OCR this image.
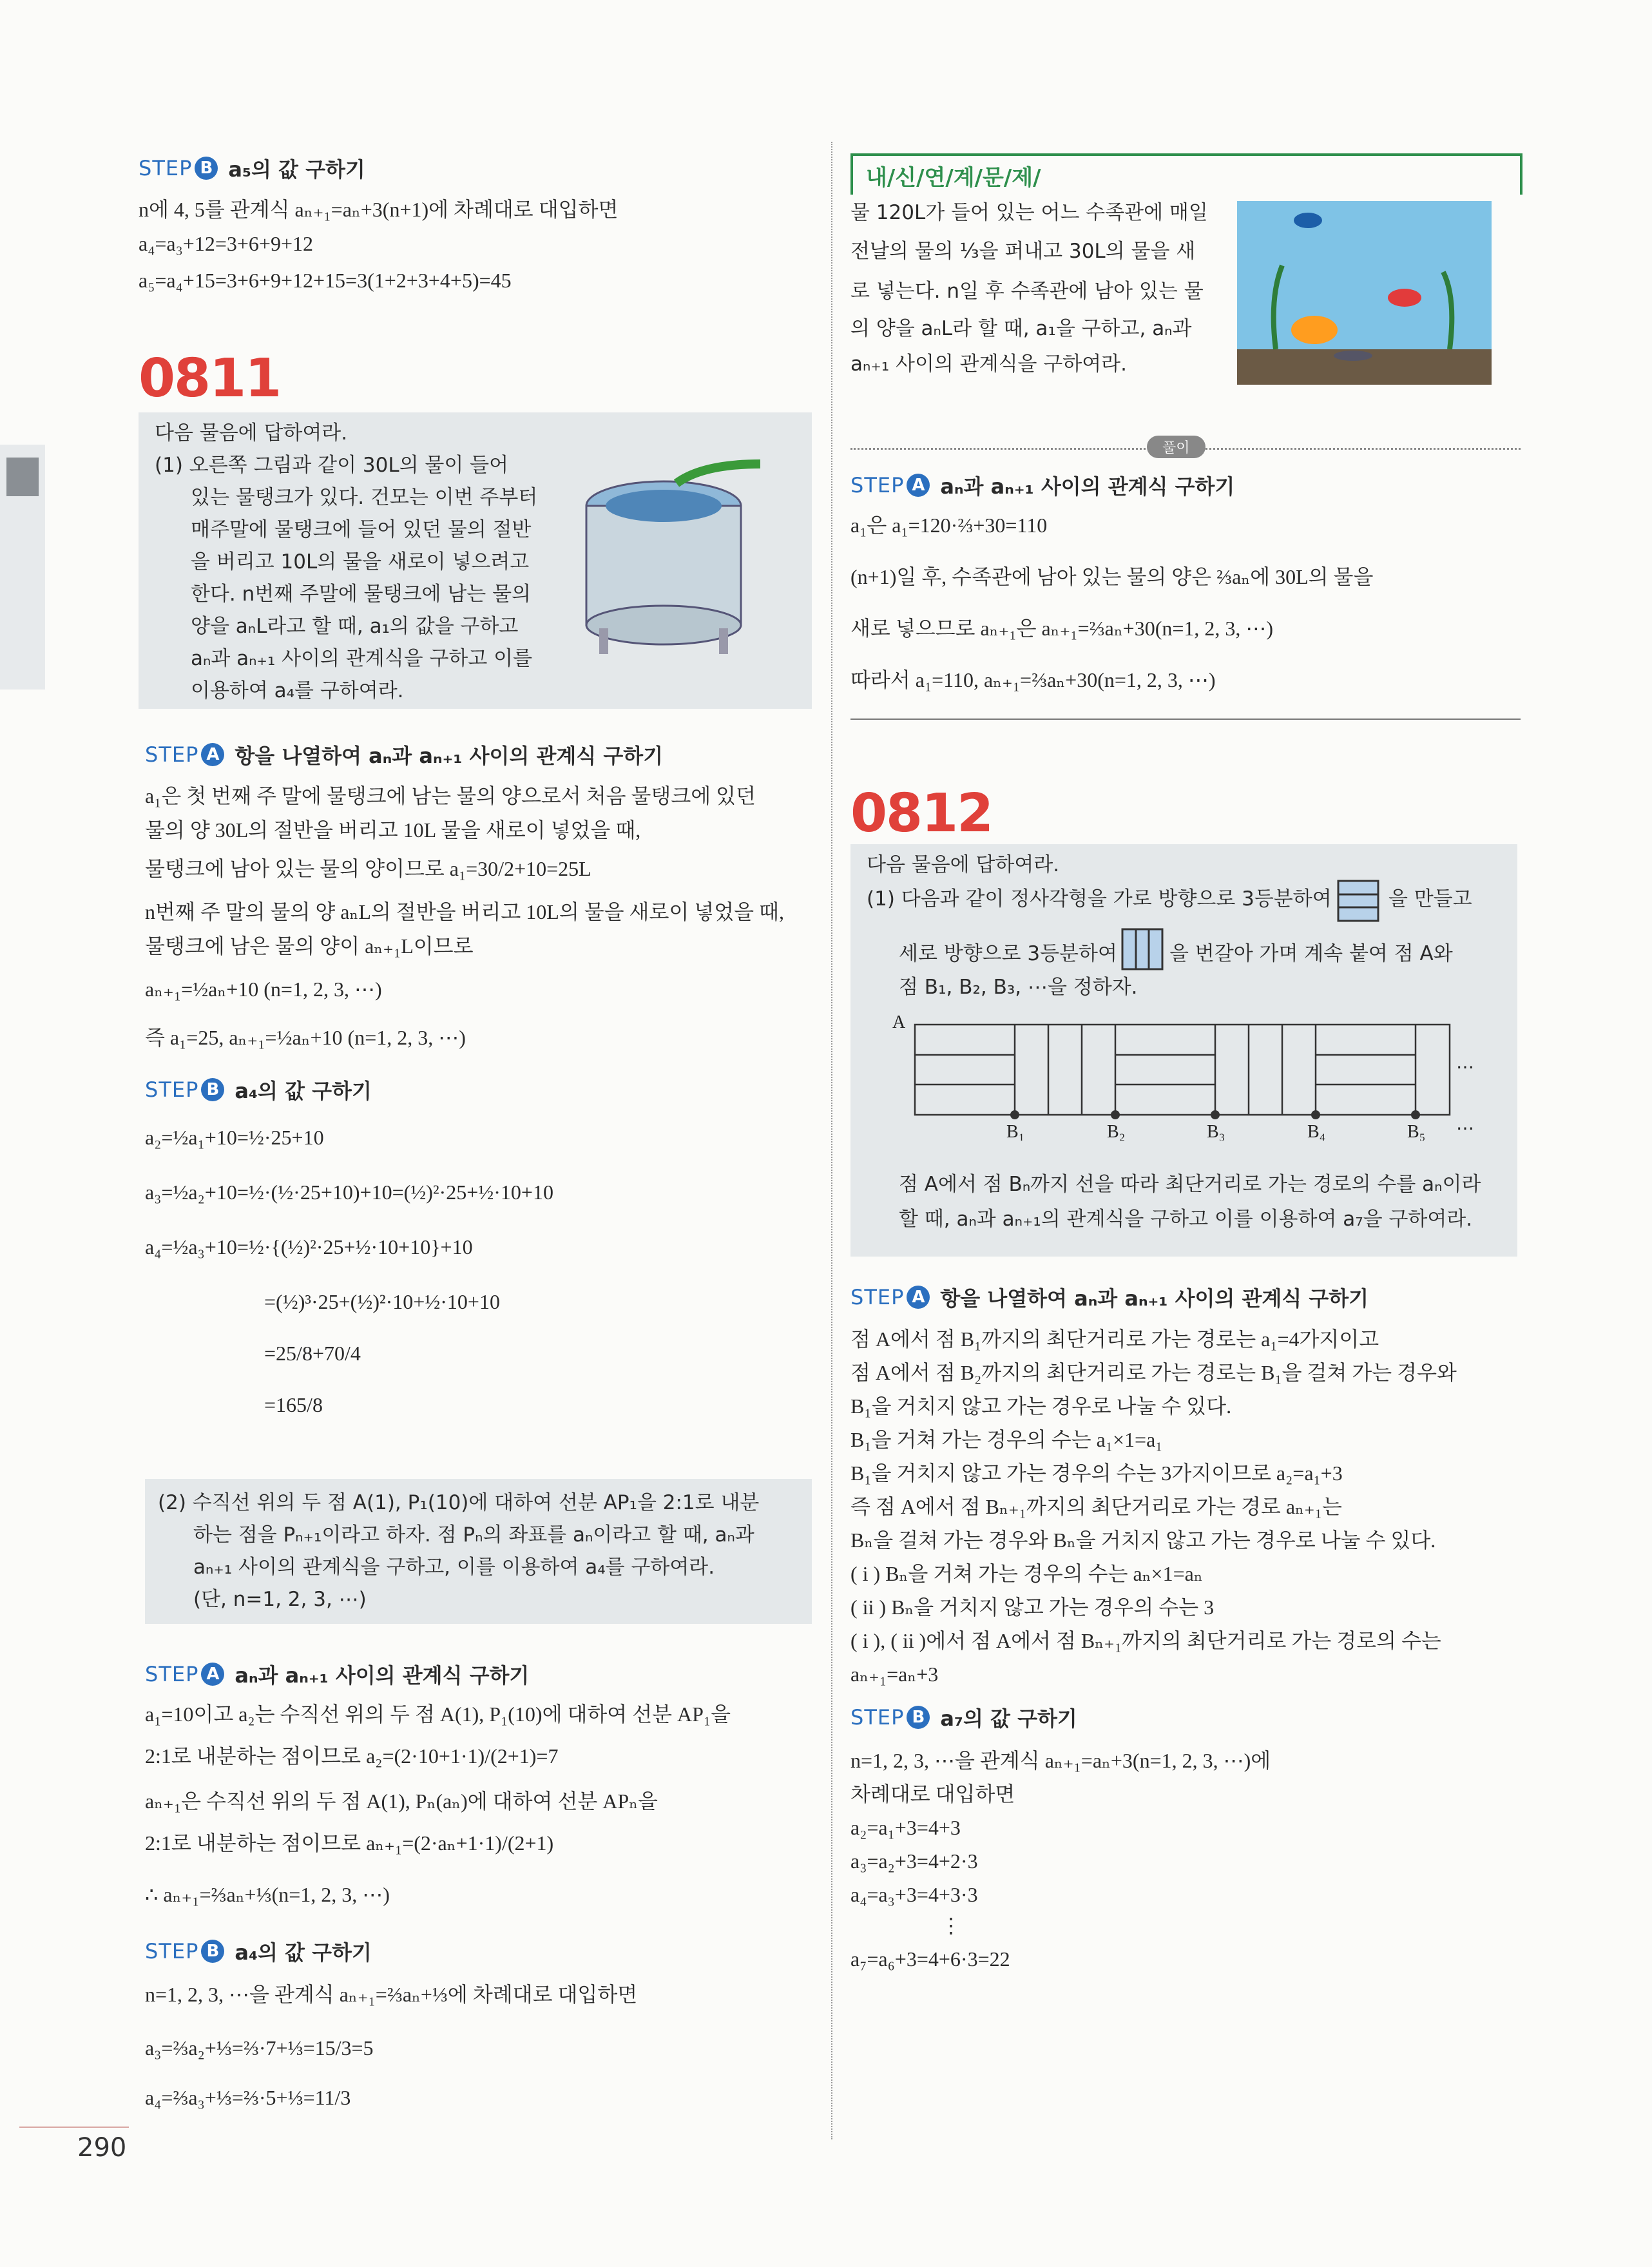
STEP B a₅의 값 구하기
n에 4, 5를 관계식 aₙ₊₁=aₙ+3(n+1)에 차례대로 대입하면
a₄=a₃+12=3+6+9+12
a₅=a₄+15=3+6+9+12+15=3(1+2+3+4+5)=45
0811
다음 물음에 답하여라.
(1) 오른쪽 그림과 같이 30L의 물이 들어
있는 물탱크가 있다. 건모는 이번 주부터
매주말에 물탱크에 들어 있던 물의 절반
을 버리고 10L의 물을 새로이 넣으려고
한다. n번째 주말에 물탱크에 남는 물의
양을 aₙL라고 할 때, a₁의 값을 구하고
aₙ과 aₙ₊₁ 사이의 관계식을 구하고 이를
이용하여 a₄를 구하여라.
STEP A 항을 나열하여 aₙ과 aₙ₊₁ 사이의 관계식 구하기
a₁은 첫 번째 주 말에 물탱크에 남는 물의 양으로서 처음 물탱크에 있던
물의 양 30L의 절반을 버리고 10L 물을 새로이 넣었을 때,
물탱크에 남아 있는 물의 양이므로 a₁=30/2+10=25L
n번째 주 말의 물의 양 aₙL의 절반을 버리고 10L의 물을 새로이 넣었을 때,
물탱크에 남은 물의 양이 aₙ₊₁L이므로
aₙ₊₁=½aₙ+10 (n=1, 2, 3, ⋯)
즉 a₁=25, aₙ₊₁=½aₙ+10 (n=1, 2, 3, ⋯)
STEP B a₄의 값 구하기
a₂=½a₁+10=½·25+10
a₃=½a₂+10=½·(½·25+10)+10=(½)²·25+½·10+10
a₄=½a₃+10=½·{(½)²·25+½·10+10}+10
=(½)³·25+(½)²·10+½·10+10
=25/8+70/4
=165/8
(2) 수직선 위의 두 점 A(1), P₁(10)에 대하여 선분 AP₁을 2:1로 내분
하는 점을 Pₙ₊₁이라고 하자. 점 Pₙ의 좌표를 aₙ이라고 할 때, aₙ과
aₙ₊₁ 사이의 관계식을 구하고, 이를 이용하여 a₄를 구하여라.
(단, n=1, 2, 3, ⋯)
STEP A aₙ과 aₙ₊₁ 사이의 관계식 구하기
a₁=10이고 a₂는 수직선 위의 두 점 A(1), P₁(10)에 대하여 선분 AP₁을
2:1로 내분하는 점이므로 a₂=(2·10+1·1)/(2+1)=7
aₙ₊₁은 수직선 위의 두 점 A(1), Pₙ(aₙ)에 대하여 선분 APₙ을
2:1로 내분하는 점이므로 aₙ₊₁=(2·aₙ+1·1)/(2+1)
∴ aₙ₊₁=⅔aₙ+⅓(n=1, 2, 3, ⋯)
STEP B a₄의 값 구하기
n=1, 2, 3, ⋯을 관계식 aₙ₊₁=⅔aₙ+⅓에 차례대로 대입하면
a₃=⅔a₂+⅓=⅔·7+⅓=15/3=5
a₄=⅔a₃+⅓=⅔·5+⅓=11/3
290
내/신/연/계/문/제/
물 120L가 들어 있는 어느 수족관에 매일
전날의 물의 ⅓을 퍼내고 30L의 물을 새
로 넣는다. n일 후 수족관에 남아 있는 물
의 양을 aₙL라 할 때, a₁을 구하고, aₙ과
aₙ₊₁ 사이의 관계식을 구하여라.
풀이
STEP A aₙ과 aₙ₊₁ 사이의 관계식 구하기
a₁은 a₁=120·⅔+30=110
(n+1)일 후, 수족관에 남아 있는 물의 양은 ⅔aₙ에 30L의 물을
새로 넣으므로 aₙ₊₁은 aₙ₊₁=⅔aₙ+30(n=1, 2, 3, ⋯)
따라서 a₁=110, aₙ₊₁=⅔aₙ+30(n=1, 2, 3, ⋯)
0812
다음 물음에 답하여라.
(1) 다음과 같이 정사각형을 가로 방향으로 3등분하여	을 만들고
세로 방향으로 3등분하여	을 번갈아 가며 계속 붙여 점 A와
점 B₁, B₂, B₃, ⋯을 정하자.
A
B₁	B₂	B₃	B₄	B₅
⋯
⋯
점 A에서 점 Bₙ까지 선을 따라 최단거리로 가는 경로의 수를 aₙ이라
할 때, aₙ과 aₙ₊₁의 관계식을 구하고 이를 이용하여 a₇을 구하여라.
STEP A 항을 나열하여 aₙ과 aₙ₊₁ 사이의 관계식 구하기
점 A에서 점 B₁까지의 최단거리로 가는 경로는 a₁=4가지이고
점 A에서 점 B₂까지의 최단거리로 가는 경로는 B₁을 걸쳐 가는 경우와
B₁을 거치지 않고 가는 경우로 나눌 수 있다.
B₁을 거쳐 가는 경우의 수는 a₁×1=a₁
B₁을 거치지 않고 가는 경우의 수는 3가지이므로 a₂=a₁+3
즉 점 A에서 점 Bₙ₊₁까지의 최단거리로 가는 경로 aₙ₊₁는
Bₙ을 걸쳐 가는 경우와 Bₙ을 거치지 않고 가는 경우로 나눌 수 있다.
( i ) Bₙ을 거쳐 가는 경우의 수는 aₙ×1=aₙ
( ii ) Bₙ을 거치지 않고 가는 경우의 수는 3
( i ), ( ii )에서 점 A에서 점 Bₙ₊₁까지의 최단거리로 가는 경로의 수는
aₙ₊₁=aₙ+3
STEP B a₇의 값 구하기
n=1, 2, 3, ⋯을 관계식 aₙ₊₁=aₙ+3(n=1, 2, 3, ⋯)에
차례대로 대입하면
a₂=a₁+3=4+3
a₃=a₂+3=4+2·3
a₄=a₃+3=4+3·3
⋮
a₇=a₆+3=4+6·3=22
